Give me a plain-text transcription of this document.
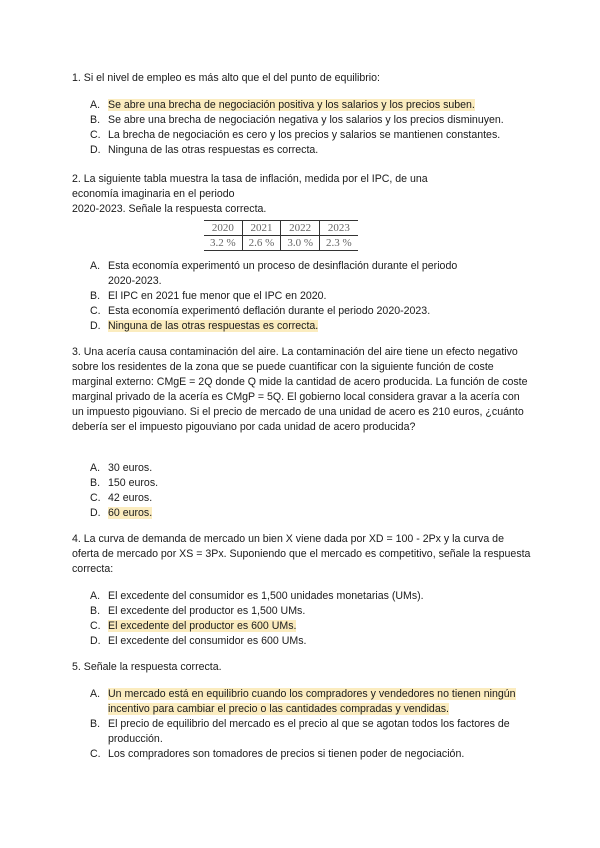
1. Si el nivel de empleo es más alto que el del punto de equilibrio:
A. Se abre una brecha de negociación positiva y los salarios y los precios suben.
B. Se abre una brecha de negociación negativa y los salarios y los precios disminuyen.
C. La brecha de negociación es cero y los precios y salarios se mantienen constantes.
D. Ninguna de las otras respuestas es correcta.
2. La siguiente tabla muestra la tasa de inflación, medida por el IPC, de una economía imaginaria en el periodo
2020-2023. Señale la respuesta correcta.
2020	2021	2022	2023
3.2 %	2.6 %	3.0 %	2.3 %
A. Esta economía experimentó un proceso de desinflación durante el periodo 2020-2023.
B. El IPC en 2021 fue menor que el IPC en 2020.
C. Esta economía experimentó deflación durante el periodo 2020-2023.
D. Ninguna de las otras respuestas es correcta.
3. Una acería causa contaminación del aire. La contaminación del aire tiene un efecto negativo sobre los residentes de la zona que se puede cuantificar con la siguiente función de coste marginal externo: CMgE = 2Q donde Q mide la cantidad de acero producida. La función de coste marginal privado de la acería es CMgP = 5Q. El gobierno local considera gravar a la acería con un impuesto pigouviano. Si el precio de mercado de una unidad de acero es 210 euros, ¿cuánto debería ser el impuesto pigouviano por cada unidad de acero producida?
A. 30 euros.
B. 150 euros.
C. 42 euros.
D. 60 euros.
4. La curva de demanda de mercado un bien X viene dada por XD = 100 - 2Px y la curva de oferta de mercado por XS = 3Px. Suponiendo que el mercado es competitivo, señale la respuesta correcta:
A. El excedente del consumidor es 1,500 unidades monetarias (UMs).
B. El excedente del productor es 1,500 UMs.
C. El excedente del productor es 600 UMs.
D. El excedente del consumidor es 600 UMs.
5. Señale la respuesta correcta.
A. Un mercado está en equilibrio cuando los compradores y vendedores no tienen ningún incentivo para cambiar el precio o las cantidades compradas y vendidas.
B. El precio de equilibrio del mercado es el precio al que se agotan todos los factores de producción.
C. Los compradores son tomadores de precios si tienen poder de negociación.
